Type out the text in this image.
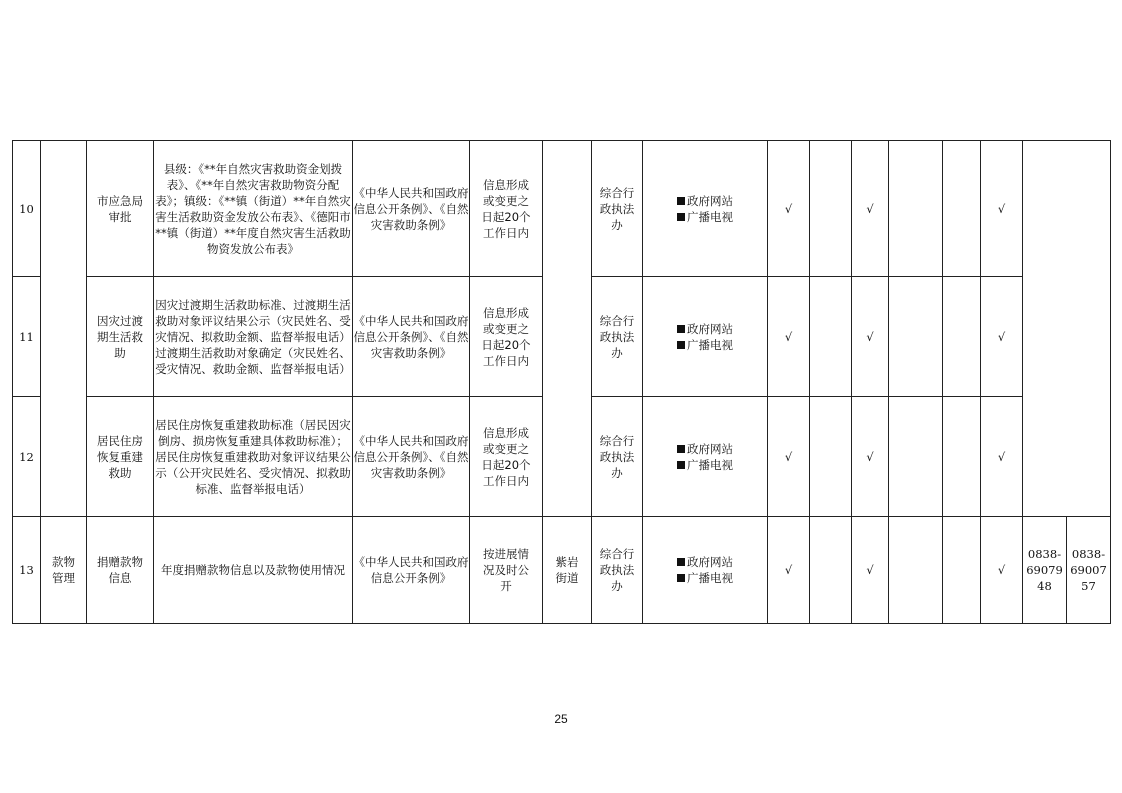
10		市应急局审批	县级：《**年自然灾害救助资金划拨表》、《**年自然灾害救助物资分配表》；镇级：《**镇（街道）**年自然灾害生活救助资金发放公布表》、《德阳市**镇（街道）**年度自然灾害生活救助物资发放公布表》	《中华人民共和国政府信息公开条例》、《自然灾害救助条例》	信息形成或变更之日起20个工作日内		综合行政执法办	政府网站
广播电视	√		√			√		
11		因灾过渡期生活救助	因灾过渡期生活救助标准、过渡期生活救助对象评议结果公示（灾民姓名、受灾情况、拟救助金额、监督举报电话）过渡期生活救助对象确定（灾民姓名、受灾情况、救助金额、监督举报电话）	《中华人民共和国政府信息公开条例》、《自然灾害救助条例》	信息形成或变更之日起20个工作日内		综合行政执法办	政府网站
广播电视	√		√			√		
12		居民住房恢复重建救助	居民住房恢复重建救助标准（居民因灾倒房、损房恢复重建具体救助标准）；居民住房恢复重建救助对象评议结果公示（公开灾民姓名、受灾情况、拟救助标准、监督举报电话）	《中华人民共和国政府信息公开条例》、《自然灾害救助条例》	信息形成或变更之日起20个工作日内		综合行政执法办	政府网站
广播电视	√		√			√		
13	款物管理	捐赠款物信息	年度捐赠款物信息以及款物使用情况	《中华人民共和国政府信息公开条例》	按进展情况及时公开	紫岩街道	综合行政执法办	政府网站
广播电视	√		√			√	0838-6907948	0838-6900757
25
